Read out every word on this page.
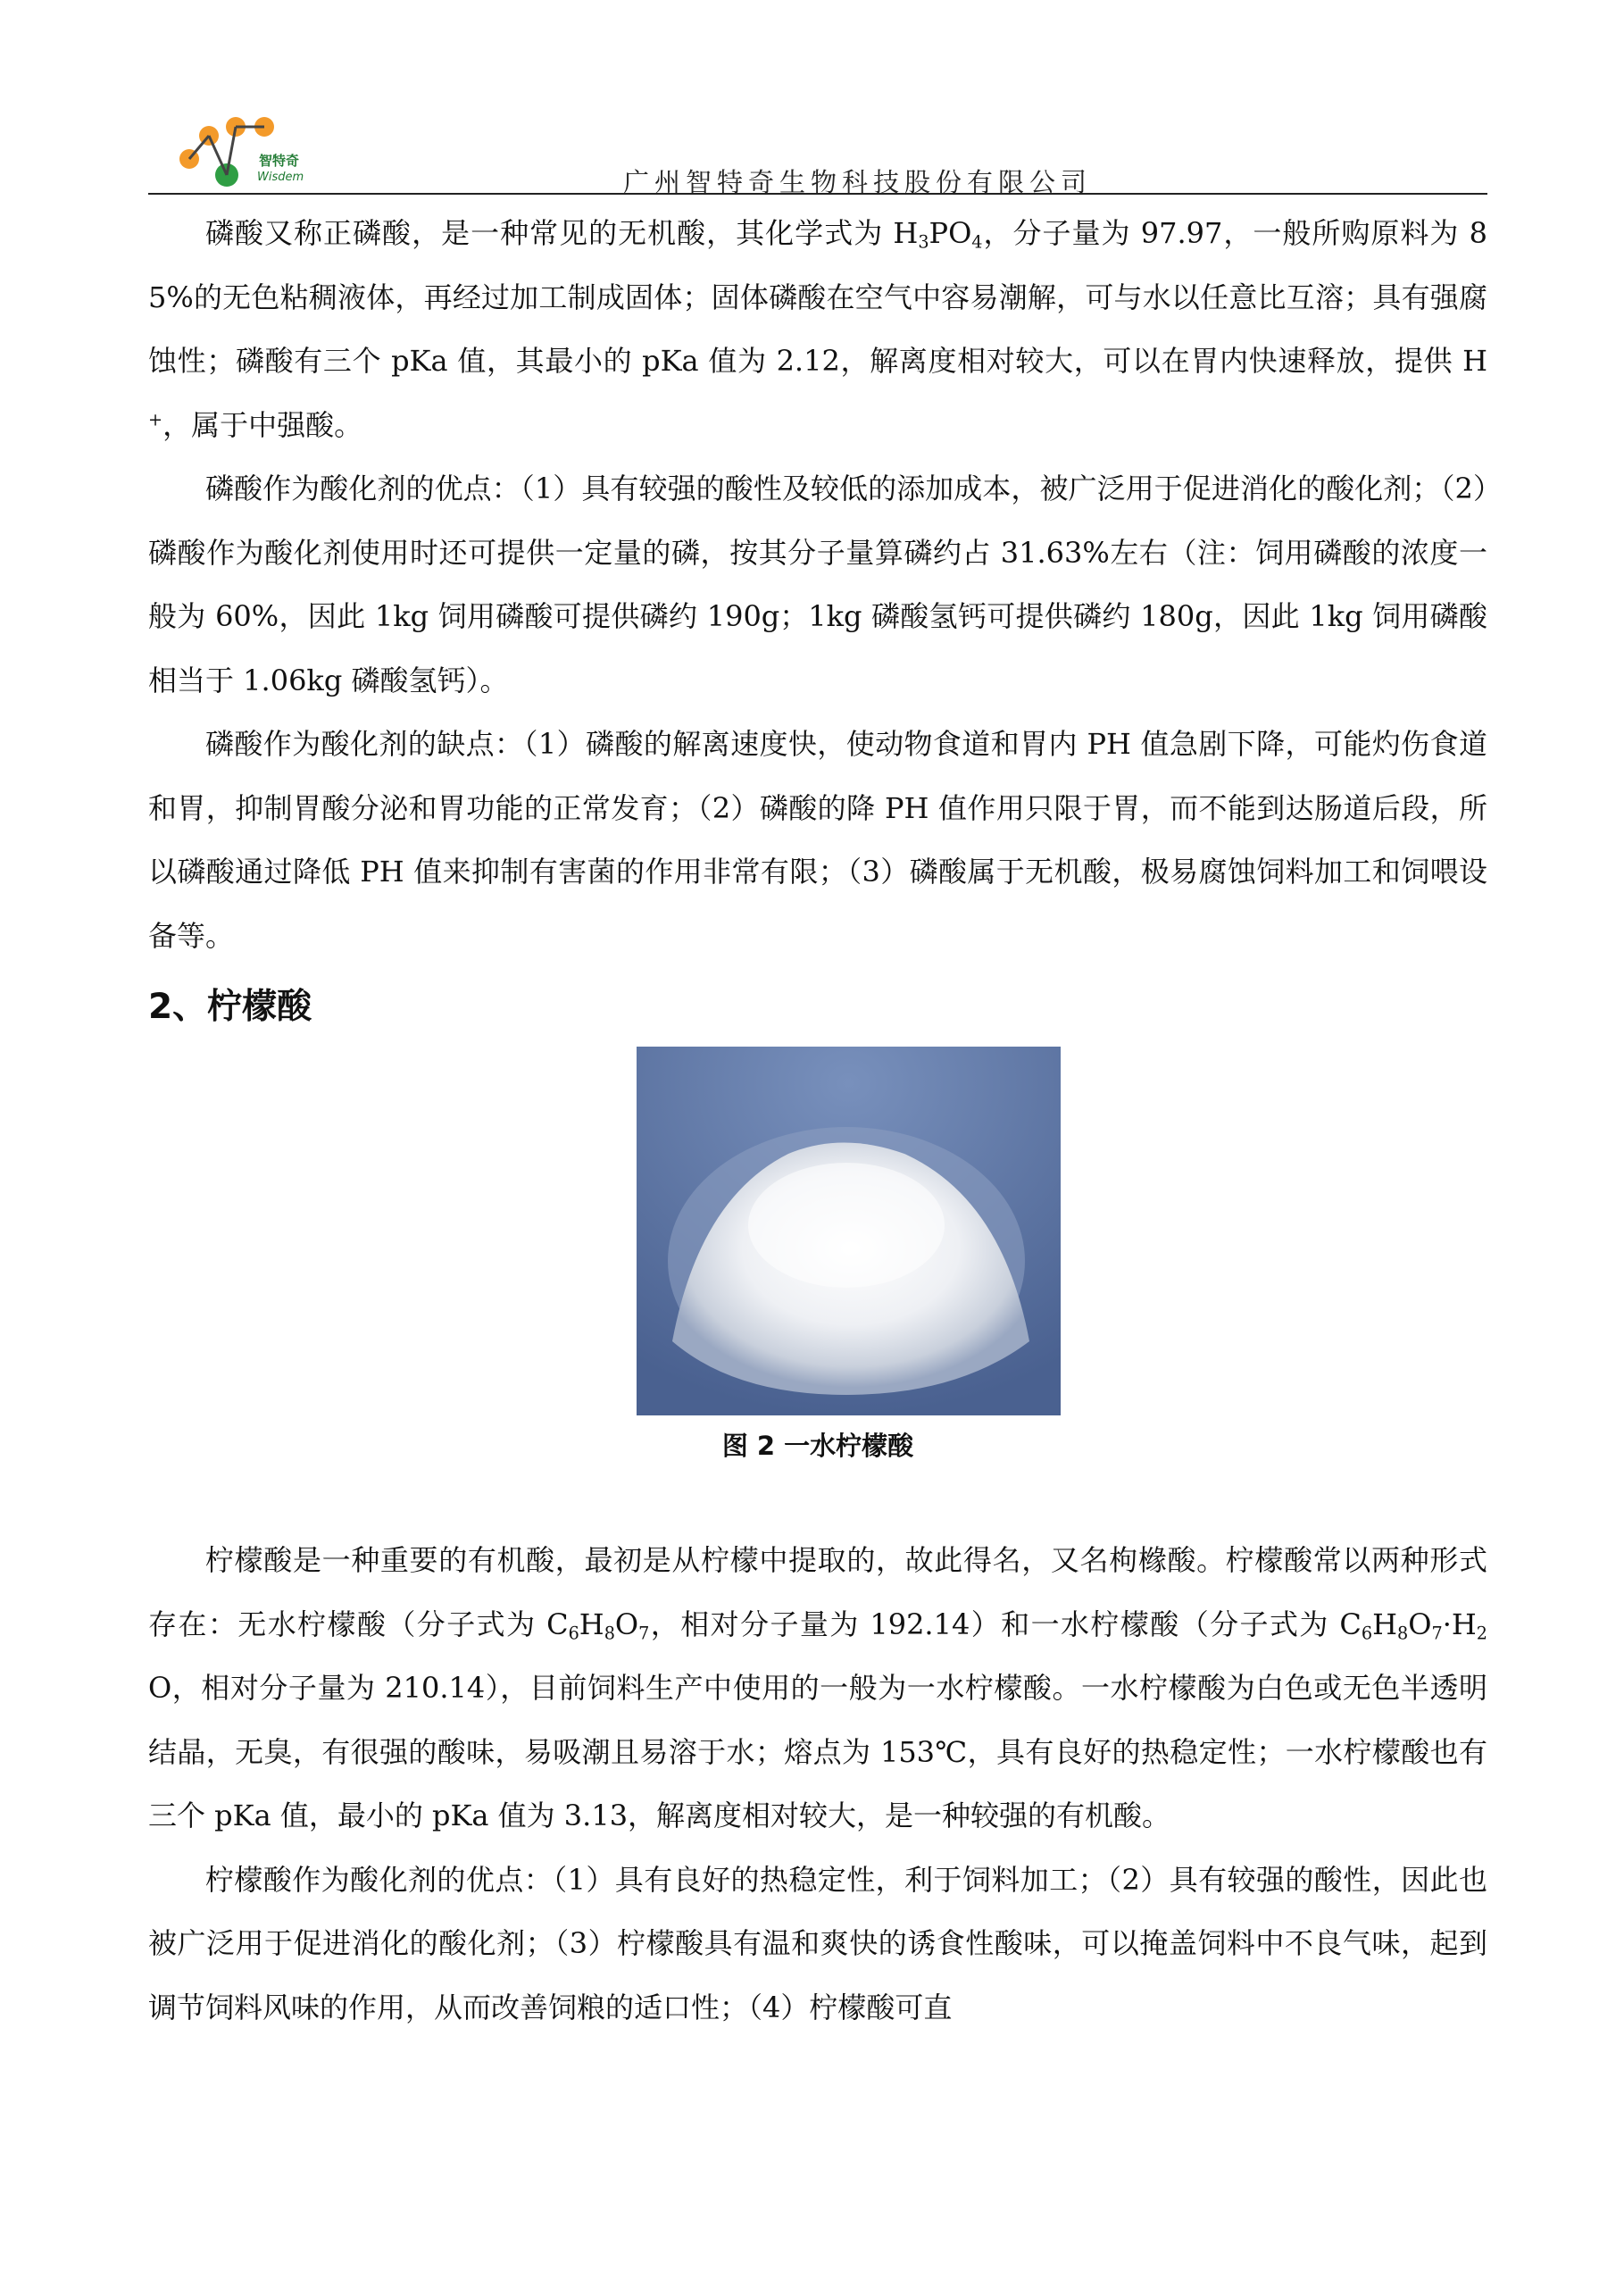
智特奇
Wisdem	广州智特奇生物科技股份有限公司

磷酸又称正磷酸，是一种常见的无机酸，其化学式为 $H_3PO_4$，分子量为 97.97，一般所购原料为 85%的无色粘稠液体，再经过加工制成固体；固体磷酸在空气中容易潮解，可与水以任意比互溶；具有强腐蚀性；磷酸有三个 pKa 值，其最小的 pKa 值为 2.12，解离度相对较大，可以在胃内快速释放，提供 H+，属于中强酸。

磷酸作为酸化剂的优点：（1）具有较强的酸性及较低的添加成本，被广泛用于促进消化的酸化剂；（2）磷酸作为酸化剂使用时还可提供一定量的磷，按其分子量算磷约占 31.63%左右（注：饲用磷酸的浓度一般为 60%，因此 1kg 饲用磷酸可提供磷约 190g；1kg 磷酸氢钙可提供磷约 180g，因此 1kg 饲用磷酸相当于 1.06kg 磷酸氢钙）。

磷酸作为酸化剂的缺点：（1）磷酸的解离速度快，使动物食道和胃内 PH 值急剧下降，可能灼伤食道和胃，抑制胃酸分泌和胃功能的正常发育；（2）磷酸的降 PH 值作用只限于胃，而不能到达肠道后段，所以磷酸通过降低 PH 值来抑制有害菌的作用非常有限；（3）磷酸属于无机酸，极易腐蚀饲料加工和饲喂设备等。

2、柠檬酸
图 2 一水柠檬酸

柠檬酸是一种重要的有机酸，最初是从柠檬中提取的，故此得名，又名枸橼酸。柠檬酸常以两种形式存在：无水柠檬酸（分子式为 $C_6H_8O_7$，相对分子量为 192.14）和一水柠檬酸（分子式为 $C_6H_8O_7\cdot H_2O$，相对分子量为 210.14），目前饲料生产中使用的一般为一水柠檬酸。一水柠檬酸为白色或无色半透明结晶，无臭，有很强的酸味，易吸潮且易溶于水；熔点为 153℃，具有良好的热稳定性；一水柠檬酸也有三个 pKa 值，最小的 pKa 值为 3.13，解离度相对较大，是一种较强的有机酸。

柠檬酸作为酸化剂的优点：（1）具有良好的热稳定性，利于饲料加工；（2）具有较强的酸性，因此也被广泛用于促进消化的酸化剂；（3）柠檬酸具有温和爽快的诱食性酸味，可以掩盖饲料中不良气味，起到调节饲料风味的作用，从而改善饲粮的适口性；（4）柠檬酸可直
